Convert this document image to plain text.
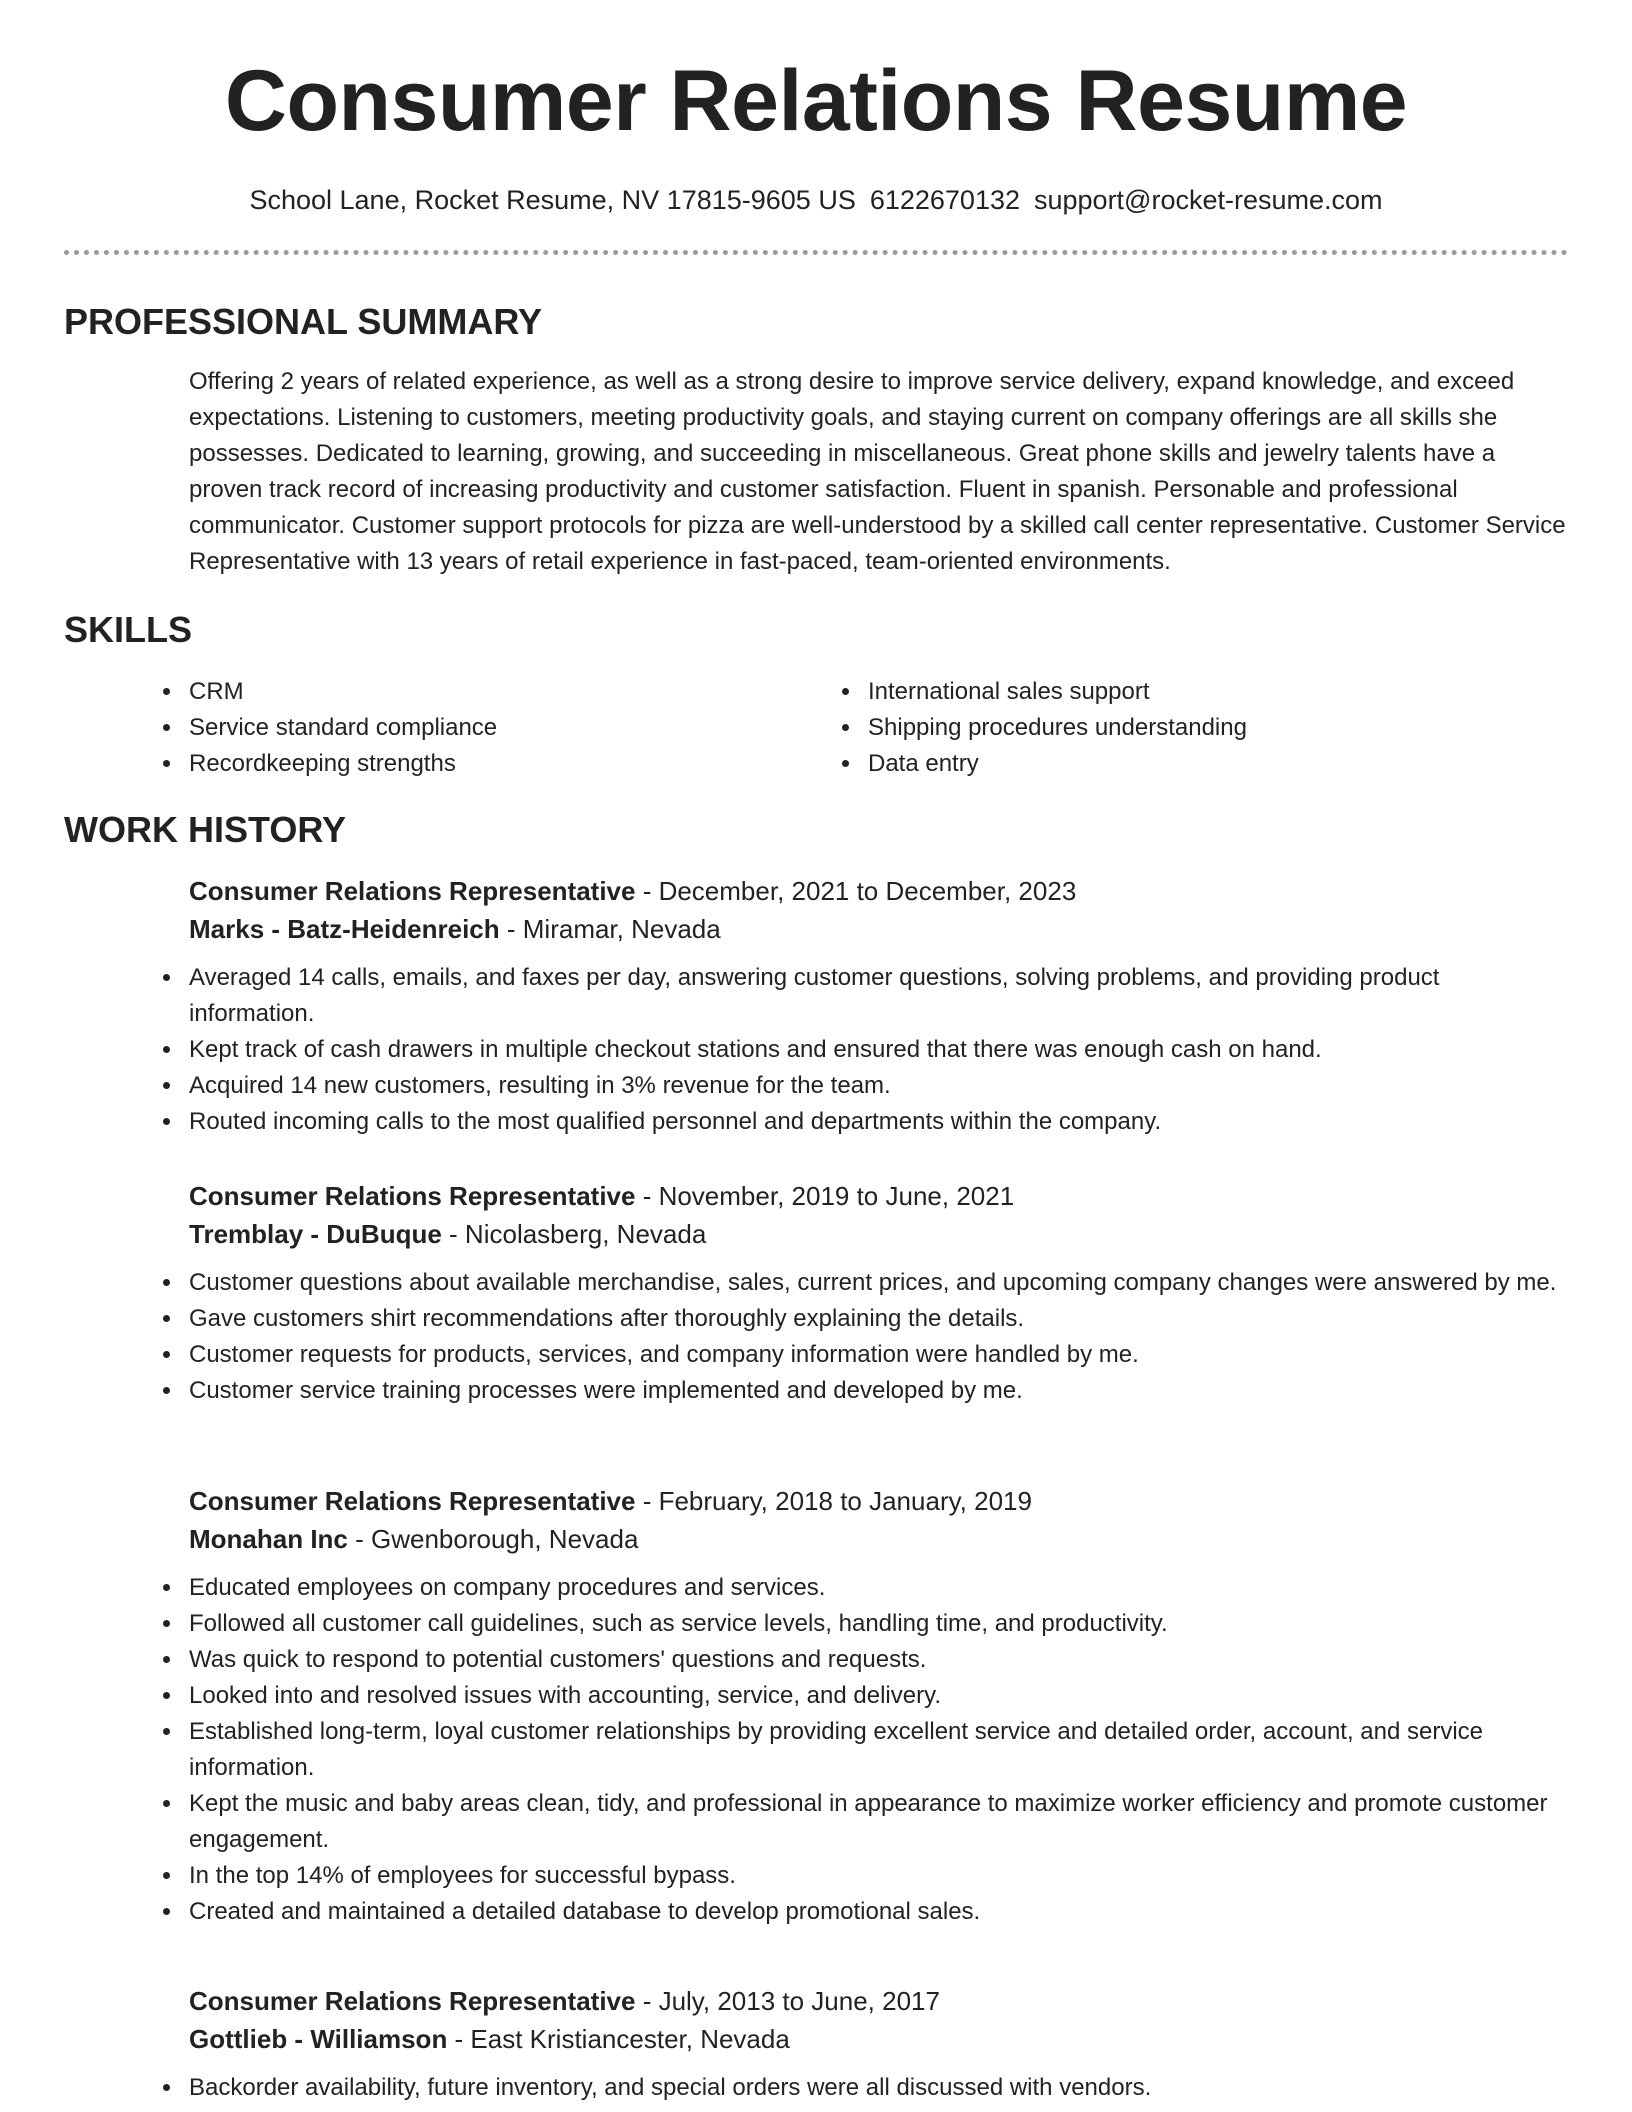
Consumer Relations Resume
School Lane, Rocket Resume, NV 17815-9605 US 6122670132 support@rocket-resume.com
PROFESSIONAL SUMMARY

Offering 2 years of related experience, as well as a strong desire to improve service delivery, expand knowledge, and exceed expectations. Listening to customers, meeting productivity goals, and staying current on company offerings are all skills she possesses. Dedicated to learning, growing, and succeeding in miscellaneous. Great phone skills and jewelry talents have a proven track record of increasing productivity and customer satisfaction. Fluent in spanish. Personable and professional communicator. Customer support protocols for pizza are well-understood by a skilled call center representative. Customer Service Representative with 13 years of retail experience in fast-paced, team-oriented environments.

SKILLS
CRM
Service standard compliance
Recordkeeping strengths
International sales support
Shipping procedures understanding
Data entry
WORK HISTORY
Consumer Relations Representative - December, 2021 to December, 2023
Marks - Batz-Heidenreich - Miramar, Nevada
Averaged 14 calls, emails, and faxes per day, answering customer questions, solving problems, and providing product information.
Kept track of cash drawers in multiple checkout stations and ensured that there was enough cash on hand.
Acquired 14 new customers, resulting in 3% revenue for the team.
Routed incoming calls to the most qualified personnel and departments within the company.
Consumer Relations Representative - November, 2019 to June, 2021
Tremblay - DuBuque - Nicolasberg, Nevada
Customer questions about available merchandise, sales, current prices, and upcoming company changes were answered by me.
Gave customers shirt recommendations after thoroughly explaining the details.
Customer requests for products, services, and company information were handled by me.
Customer service training processes were implemented and developed by me.
Consumer Relations Representative - February, 2018 to January, 2019
Monahan Inc - Gwenborough, Nevada
Educated employees on company procedures and services.
Followed all customer call guidelines, such as service levels, handling time, and productivity.
Was quick to respond to potential customers' questions and requests.
Looked into and resolved issues with accounting, service, and delivery.
Established long-term, loyal customer relationships by providing excellent service and detailed order, account, and service information.
Kept the music and baby areas clean, tidy, and professional in appearance to maximize worker efficiency and promote customer engagement.
In the top 14% of employees for successful bypass.
Created and maintained a detailed database to develop promotional sales.
Consumer Relations Representative - July, 2013 to June, 2017
Gottlieb - Williamson - East Kristiancester, Nevada
Backorder availability, future inventory, and special orders were all discussed with vendors.
